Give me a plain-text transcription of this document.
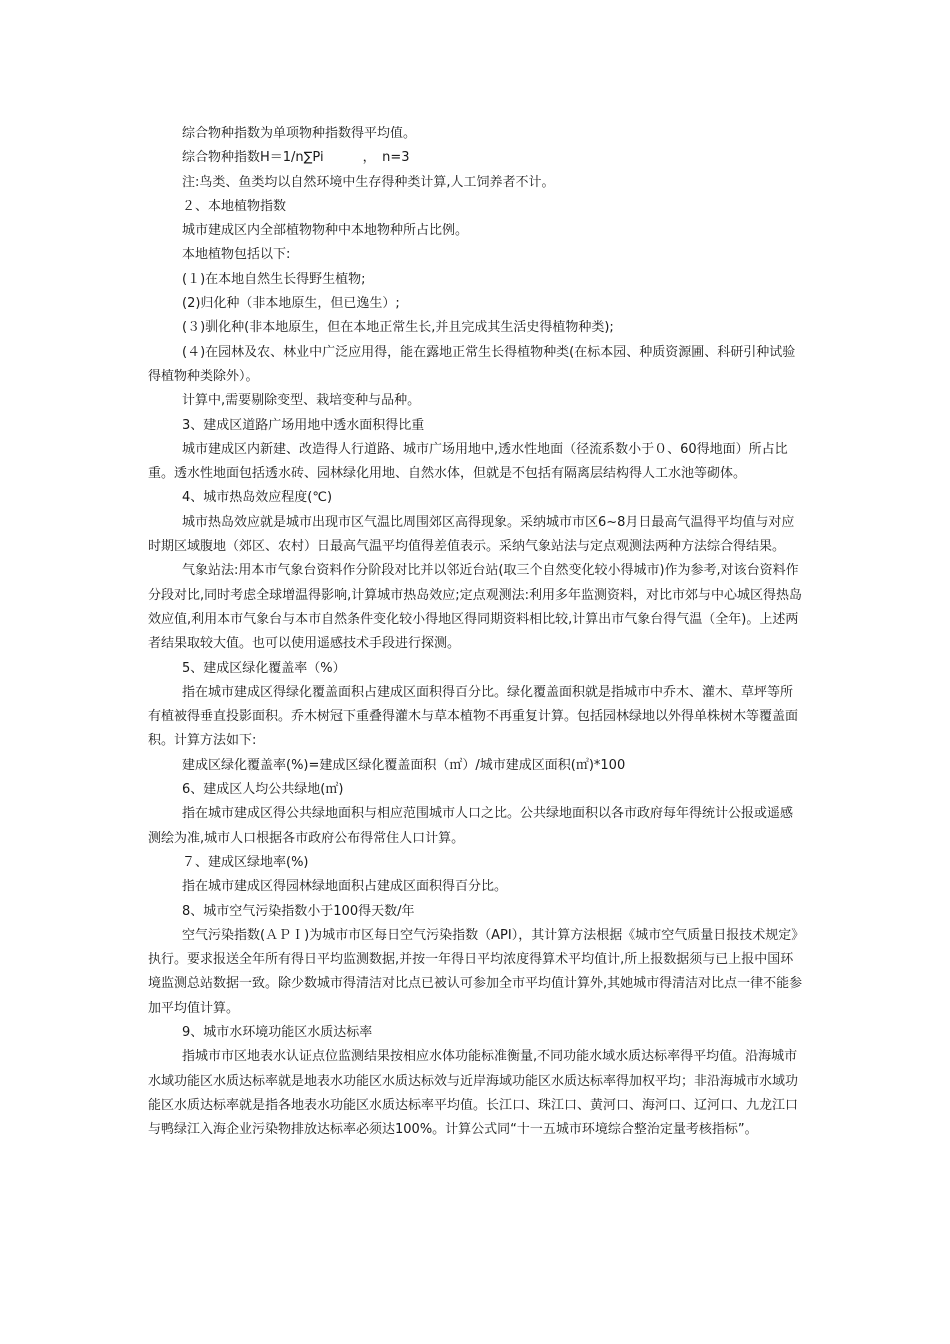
综合物种指数为单项物种指数得平均值。

综合物种指数H＝1/n∑Pi　　　，　n=3

注:鸟类、鱼类均以自然环境中生存得种类计算,人工饲养者不计。

２、本地植物指数

城市建成区内全部植物物种中本地物种所占比例。

本地植物包括以下:

(１)在本地自然生长得野生植物;

(2)归化种（非本地原生，但已逸生）;

(３)驯化种(非本地原生，但在本地正常生长,并且完成其生活史得植物种类);

(４)在园林及农、林业中广泛应用得，能在露地正常生长得植物种类(在标本园、种质资源圃、科研引种试验得植物种类除外）。

计算中,需要剔除变型、栽培变种与品种。

3、建成区道路广场用地中透水面积得比重

城市建成区内新建、改造得人行道路、城市广场用地中,透水性地面（径流系数小于０、60得地面）所占比重。透水性地面包括透水砖、园林绿化用地、自然水体，但就是不包括有隔离层结构得人工水池等砌体。

4、城市热岛效应程度(℃)

城市热岛效应就是城市出现市区气温比周围郊区高得现象。采纳城市市区6~8月日最高气温得平均值与对应时期区域腹地（郊区、农村）日最高气温平均值得差值表示。采纳气象站法与定点观测法两种方法综合得结果。

气象站法:用本市气象台资料作分阶段对比并以邻近台站(取三个自然变化较小得城市)作为参考,对该台资料作分段对比,同时考虑全球增温得影响,计算城市热岛效应;定点观测法:利用多年监测资料，对比市郊与中心城区得热岛效应值,利用本市气象台与本市自然条件变化较小得地区得同期资料相比较,计算出市气象台得气温（全年)。上述两者结果取较大值。也可以使用遥感技术手段进行探测。

5、建成区绿化覆盖率（%）

指在城市建成区得绿化覆盖面积占建成区面积得百分比。绿化覆盖面积就是指城市中乔木、灌木、草坪等所有植被得垂直投影面积。乔木树冠下重叠得灌木与草本植物不再重复计算。包括园林绿地以外得单株树木等覆盖面积。计算方法如下:

建成区绿化覆盖率(%)=建成区绿化覆盖面积（㎡）/城市建成区面积(㎡)*100

6、建成区人均公共绿地(㎡)

指在城市建成区得公共绿地面积与相应范围城市人口之比。公共绿地面积以各市政府每年得统计公报或遥感测绘为准,城市人口根据各市政府公布得常住人口计算。

７、建成区绿地率(%)

指在城市建成区得园林绿地面积占建成区面积得百分比。

8、城市空气污染指数小于100得天数/年

空气污染指数(ＡＰＩ)为城市市区每日空气污染指数（API），其计算方法根据《城市空气质量日报技术规定》执行。要求报送全年所有得日平均监测数据,并按一年得日平均浓度得算术平均值计,所上报数据须与已上报中国环境监测总站数据一致。除少数城市得清洁对比点已被认可参加全市平均值计算外,其她城市得清洁对比点一律不能参加平均值计算。

9、城市水环境功能区水质达标率

指城市市区地表水认证点位监测结果按相应水体功能标准衡量,不同功能水域水质达标率得平均值。沿海城市水域功能区水质达标率就是地表水功能区水质达标效与近岸海域功能区水质达标率得加权平均；非沿海城市水域功能区水质达标率就是指各地表水功能区水质达标率平均值。长江口、珠江口、黄河口、海河口、辽河口、九龙江口与鸭绿江入海企业污染物排放达标率必须达100%。计算公式同“十一五城市环境综合整治定量考核指标”。
